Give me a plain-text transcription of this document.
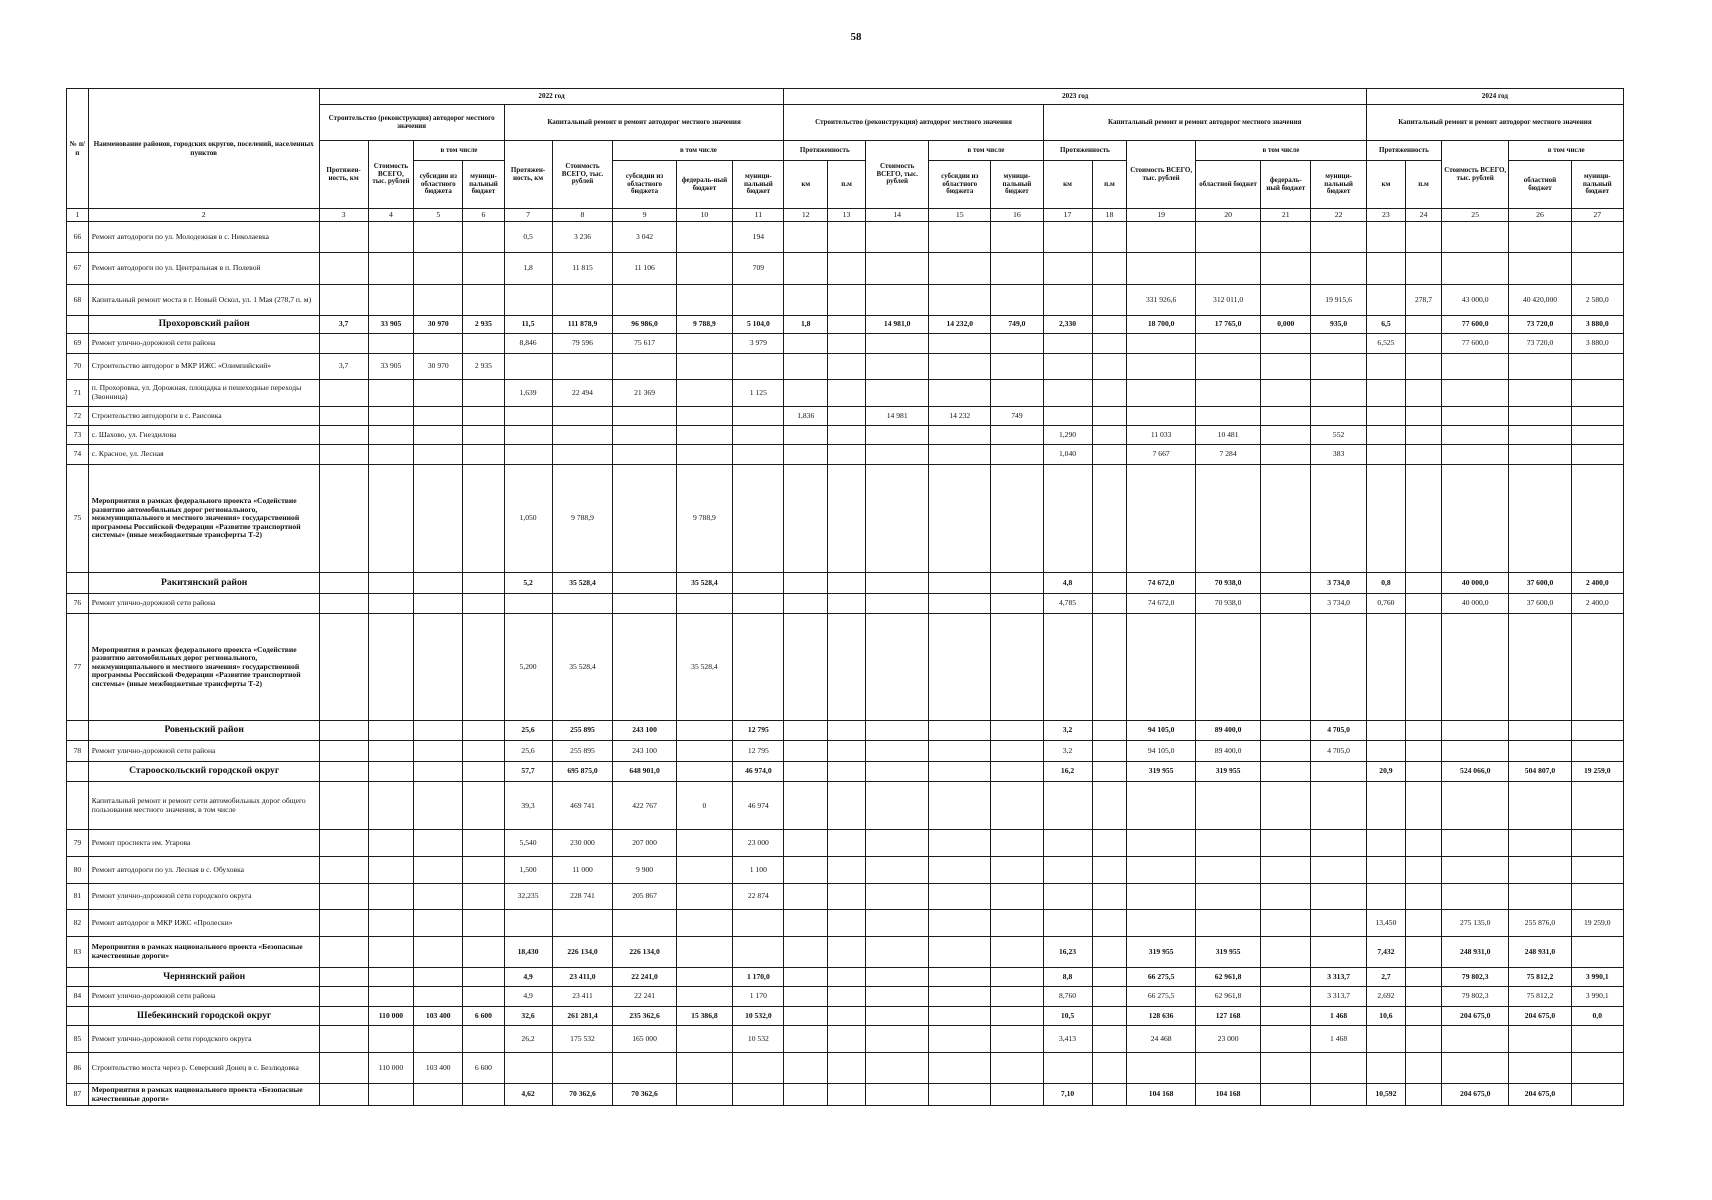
58
№ п/п	Наименование районов, городских округов, поселений, населенных пунктов	2022 год									2023 год											2024 год				
		Строительство (реконструкция) автодорог местного значения				Капитальный ремонт и ремонт автодорог местного значения					Строительство (реконструкция) автодорог местного значения					Капитальный ремонт и ремонт автодорог местного значения						Капитальный ремонт и ремонт автодорог местного значения				
		Протяжен-ность, км	Стоимость ВСЕГО, тыс. рублей	в том числе		Протяжен-ность, км	Стоимость ВСЕГО, тыс. рублей	в том числе			Протяженность		Стоимость ВСЕГО, тыс. рублей	в том числе		Протяженность		Стоимость ВСЕГО, тыс. рублей	в том числе			Протяженность		Стоимость ВСЕГО, тыс. рублей	в том числе	
				субсидии из областного бюджета	муници-пальный бюджет			субсидии из областного бюджета	федераль-ный бюджет	муници-пальный бюджет	км	п.м		субсидии из областного бюджета	муници-пальный бюджет	км	п.м		областной бюджет	федераль-ный бюджет	муници-пальный бюджет	км	п.м		областной бюджет	муници-пальный бюджет
1	2	3	4	5	6	7	8	9	10	11	12	13	14	15	16	17	18	19	20	21	22	23	24	25	26	27
66	Ремонт автодороги по ул. Молодежная в с. Николаевка					0,5	3 236	3 042		194																
67	Ремонт автодороги по ул. Центральная в п. Полевой					1,8	11 815	11 106		709																
68	Капитальный ремонт моста в г. Новый Оскол, ул. 1 Мая (278,7 п. м)																	331 926,6	312 011,0		19 915,6		278,7	43 000,0	40 420,000	2 580,0
	Прохоровский район	3,7	33 905	30 970	2 935	11,5	111 878,9	96 986,0	9 788,9	5 104,0	1,8		14 981,0	14 232,0	749,0	2,330		18 700,0	17 765,0	0,000	935,0	6,5		77 600,0	73 720,0	3 880,0
69	Ремонт улично-дорожной сети района					8,846	79 596	75 617		3 979												6,525		77 600,0	73 720,0	3 880,0
70	Строительство автодорог в МКР ИЖС «Олимпийский»	3,7	33 905	30 970	2 935																					
71	п. Прохоровка, ул. Дорожная, площадка и пешеходные переходы (Звонница)					1,639	22 494	21 369		1 125																
72	Строительство автодороги в с. Раисовка										1,836		14 981	14 232	749											
73	с. Шахово, ул. Гнездилова															1,290		11 033	10 481		552					
74	с. Красное, ул. Лесная															1,040		7 667	7 284		383					
75	Мероприятия в рамках федерального проекта «Содействие развитию автомобильных дорог регионального, межмуниципального и местного значения» государственной программы Российской Федерации «Развитие транспортной системы» (иные межбюджетные трансферты Т-2)					1,050	9 788,9		9 788,9																	
	Ракитянский район					5,2	35 528,4		35 528,4							4,8		74 672,0	70 938,0		3 734,0	0,8		40 000,0	37 600,0	2 400,0
76	Ремонт улично-дорожной сети района															4,785		74 672,0	70 938,0		3 734,0	0,760		40 000,0	37 600,0	2 400,0
77	Мероприятия в рамках федерального проекта «Содействие развитию автомобильных дорог регионального, межмуниципального и местного значения» государственной программы Российской Федерации «Развитие транспортной системы» (иные межбюджетные трансферты Т-2)					5,200	35 528,4		35 528,4																	
	Ровеньский район					25,6	255 895	243 100		12 795						3,2		94 105,0	89 400,0		4 705,0					
78	Ремонт улично-дорожной сети района					25,6	255 895	243 100		12 795						3,2		94 105,0	89 400,0		4 705,0					
	Старооскольский городской округ					57,7	695 875,0	648 901,0		46 974,0						16,2		319 955	319 955			20,9		524 066,0	504 807,0	19 259,0
	Капитальный ремонт и ремонт сети автомобильных дорог общего пользования местного значения, в том числе					39,3	469 741	422 767	0	46 974																
79	Ремонт проспекта им. Угарова					5,540	230 000	207 000		23 000																
80	Ремонт автодороги по ул. Лесная в с. Обуховка					1,500	11 000	9 900		1 100																
81	Ремонт улично-дорожной сети городского округа					32,235	228 741	205 867		22 874																
82	Ремонт автодорог в МКР ИЖС «Пролески»																					13,450		275 135,0	255 876,0	19 259,0
83	Мероприятия в рамках национального проекта «Безопасные качественные дороги»					18,430	226 134,0	226 134,0								16,23		319 955	319 955			7,432		248 931,0	248 931,0	
	Чернянский район					4,9	23 411,0	22 241,0		1 170,0						8,8		66 275,5	62 961,8		3 313,7	2,7		79 802,3	75 812,2	3 990,1
84	Ремонт улично-дорожной сети района					4,9	23 411	22 241		1 170						8,760		66 275,5	62 961,8		3 313,7	2,692		79 802,3	75 812,2	3 990,1
	Шебекинский городской округ		110 000	103 400	6 600	32,6	261 281,4	235 362,6	15 386,8	10 532,0						10,5		128 636	127 168		1 468	10,6		204 675,0	204 675,0	0,0
85	Ремонт улично-дорожной сети городского округа					26,2	175 532	165 000		10 532						3,413		24 468	23 000		1 468					
86	Строительство моста через р. Северский Донец в с. Безлюдовка		110 000	103 400	6 600																					
87	Мероприятия в рамках национального проекта «Безопасные качественные дороги»					4,62	70 362,6	70 362,6								7,10		104 168	104 168			10,592		204 675,0	204 675,0	
